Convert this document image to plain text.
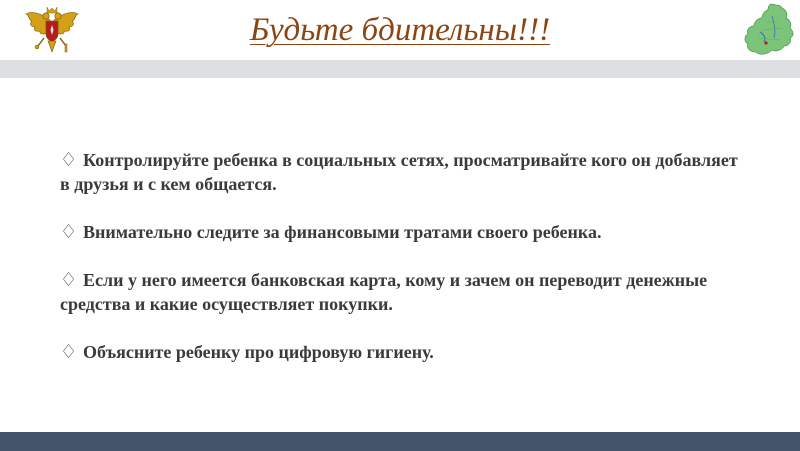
Будьте бдительны!!!

♢ Контролируйте ребенка в социальных сетях, просматривайте кого он добавляет в друзья и с кем общается.

♢ Внимательно следите за финансовыми тратами своего ребенка.

♢ Если у него имеется банковская карта, кому и зачем он переводит денежные средства и какие осуществляет покупки.

♢ Объясните ребенку про цифровую гигиену.
